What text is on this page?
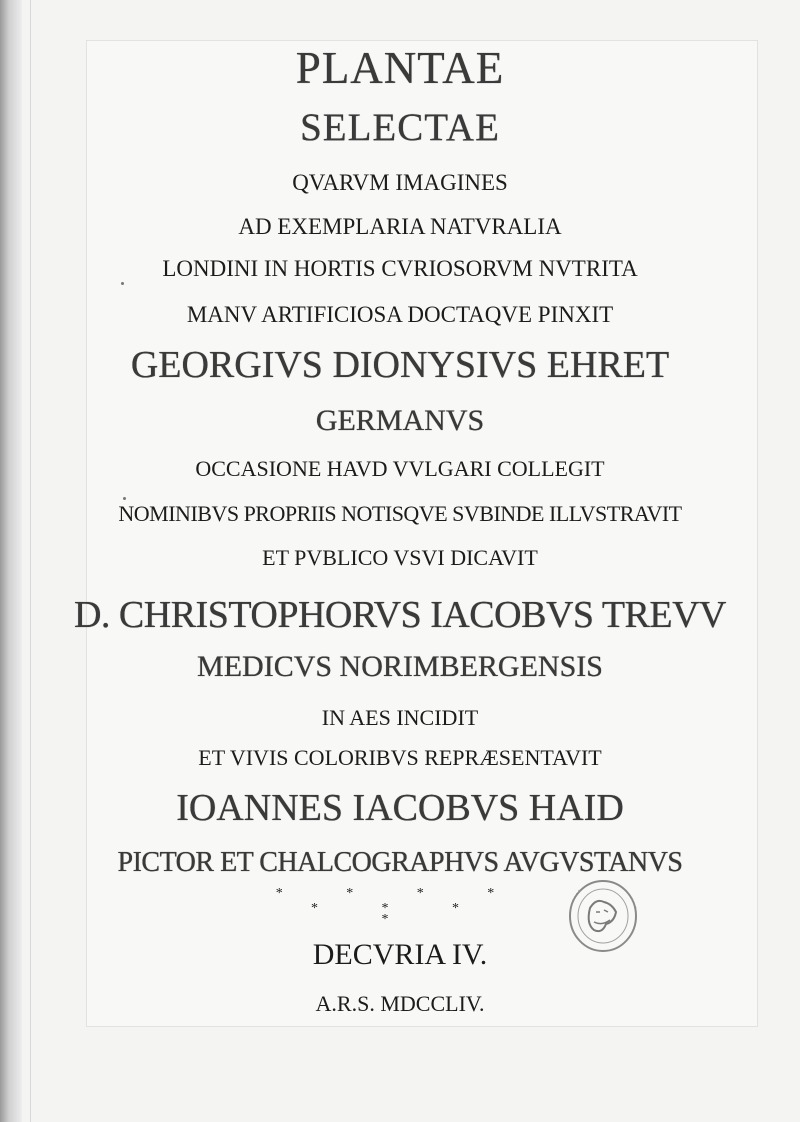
PLANTAE
SELECTAE
QVARVM IMAGINES
AD EXEMPLARIA NATVRALIA
LONDINI IN HORTIS CVRIOSORVM NVTRITA
MANV ARTIFICIOSA DOCTAQVE PINXIT
GEORGIVS DIONYSIVS EHRET
GERMANVS
OCCASIONE HAVD VVLGARI COLLEGIT
NOMINIBVS PROPRIIS NOTISQVE SVBINDE ILLVSTRAVIT
ET PVBLICO VSVI DICAVIT
D. CHRISTOPHORVS IACOBVS TREVV
MEDICVS NORIMBERGENSIS
IN AES INCIDIT
ET VIVIS COLORIBVS REPRÆSENTAVIT
IOANNES IACOBVS HAID
PICTOR ET CHALCOGRAPHVS AVGVSTANVS
* * * *
* * *
*
DECVRIA IV.
A.R.S. MDCCLIV.
· · · ·
· · · ·
